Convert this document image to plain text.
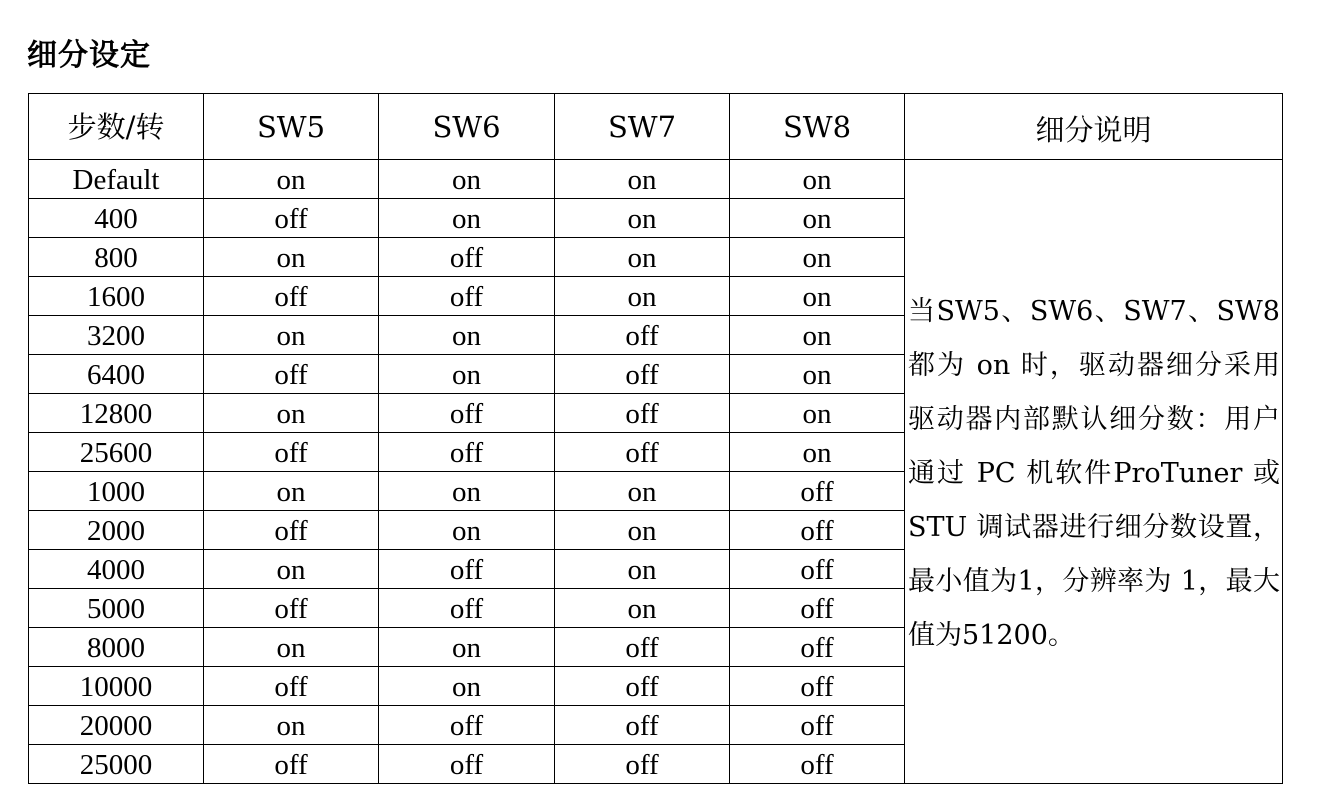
细分设定
步数/转	SW5	SW6	SW7	SW8	细分说明
Default	on	on	on	on	当SW5、SW6、SW7、SW8都为 on 时，驱动器细分采用驱动器内部默认细分数：用户通过 PC 机软件ProTuner 或 STU 调试器进行细分数设置，最小值为1，分辨率为 1，最大值为51200。

400	off	on	on	on	
800	on	off	on	on	
1600	off	off	on	on	
3200	on	on	off	on	
6400	off	on	off	on	
12800	on	off	off	on	
25600	off	off	off	on	
1000	on	on	on	off	
2000	off	on	on	off	
4000	on	off	on	off	
5000	off	off	on	off	
8000	on	on	off	off	
10000	off	on	off	off	
20000	on	off	off	off	
25000	off	off	off	off	
